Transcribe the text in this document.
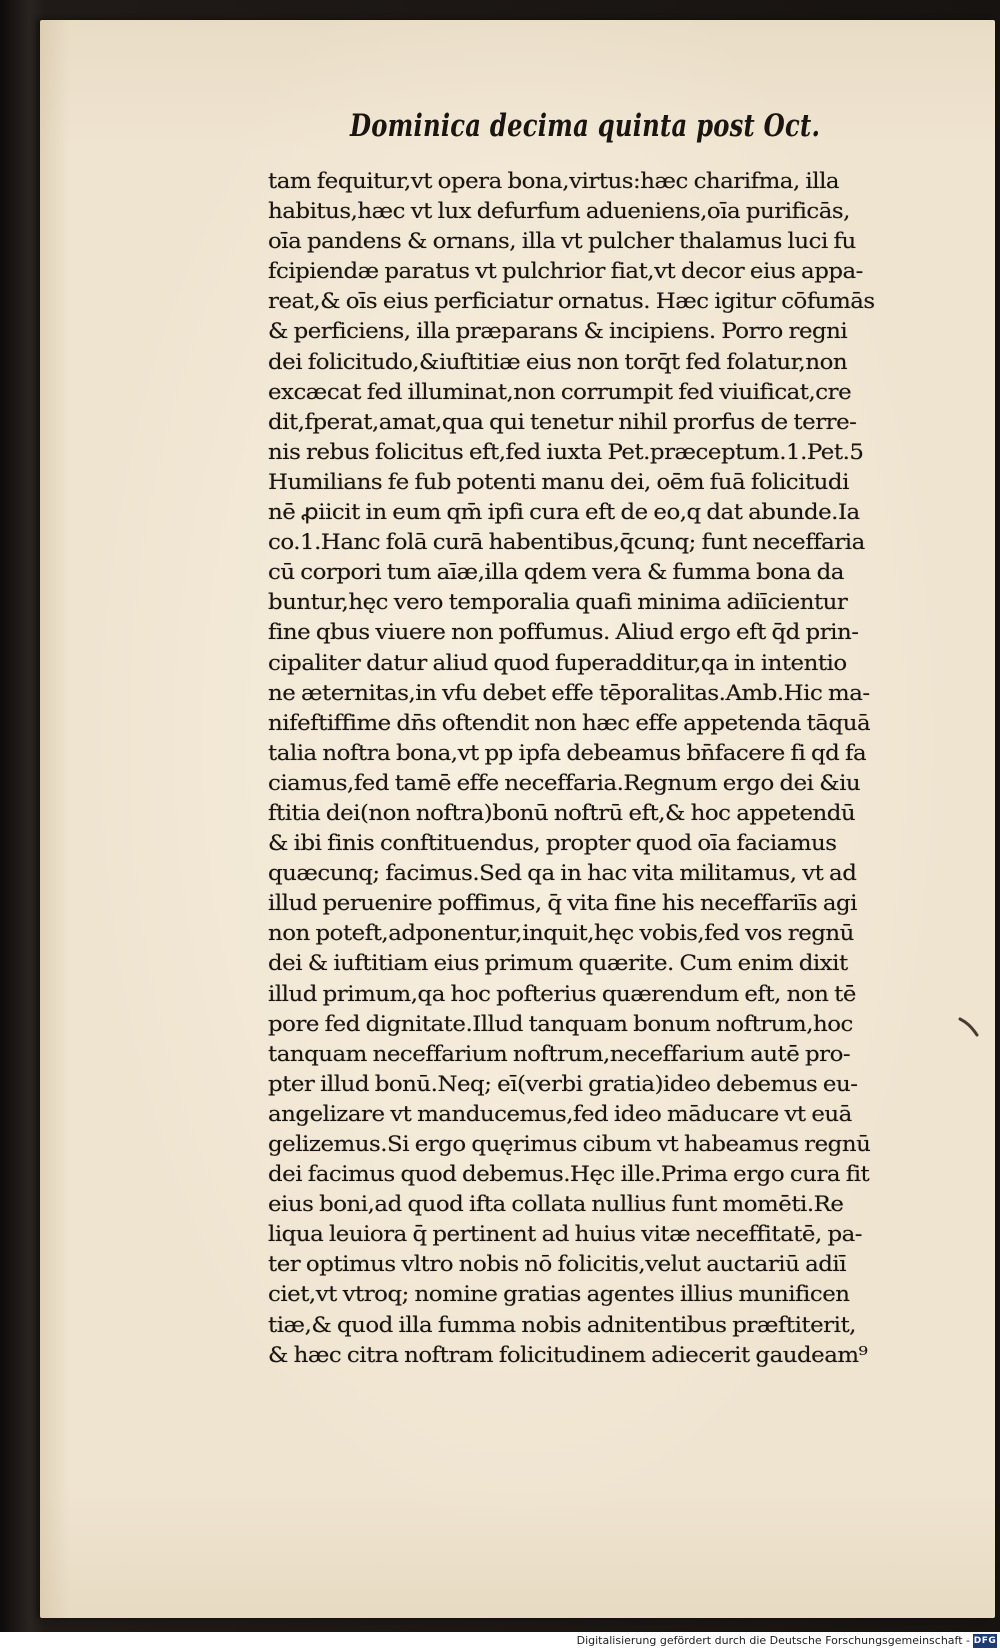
Dominica decima quinta post Oct.
tam fequitur,vt opera bona,virtus:hæc charifma, illa
habitus,hæc vt lux defurfum adueniens,oīa purificās,
oīa pandens & ornans, illa vt pulcher thalamus luci fu
fcipiendæ paratus vt pulchrior fiat,vt decor eius appa-
reat,& oīs eius perficiatur ornatus. Hæc igitur cōfumās
& perficiens, illa præparans & incipiens. Porro regni
dei folicitudo,&iuftitiæ eius non torq̄t fed folatur,non
excæcat fed illuminat,non corrumpit fed viuificat,cre
dit,fperat,amat,qua qui tenetur nihil prorfus de terre-
nis rebus folicitus eft,fed iuxta Pet.præceptum.1.Pet.5
Humilians fe fub potenti manu dei, oēm fuā folicitudi
nē ꝓiicit in eum qm̄ ipfi cura eft de eo,q dat abunde.Ia
co.1.Hanc folā curā habentibus,q̄cunq; funt neceffaria
cū corpori tum aīæ,illa qdem vera & fumma bona da
buntur,hęc vero temporalia quafi minima adiīcientur
fine qbus viuere non poffumus. Aliud ergo eft q̄d prin-
cipaliter datur aliud quod fuperadditur,qa in intentio
ne æternitas,in vfu debet effe tēporalitas.Amb.Hic ma-
nifeftiffime dn̄s oftendit non hæc effe appetenda tāquā
talia noftra bona,vt pp ipfa debeamus bn̄facere fi qd fa
ciamus,fed tamē effe neceffaria.Regnum ergo dei &iu
ftitia dei(non noftra)bonū noftrū eft,& hoc appetendū
& ibi finis conftituendus, propter quod oīa faciamus
quæcunq; facimus.Sed qa in hac vita militamus, vt ad
illud peruenire poffimus, q̄ vita fine his neceffariīs agi
non poteft,adponentur,inquit,hęc vobis,fed vos regnū
dei & iuftitiam eius primum quærite. Cum enim dixit
illud primum,qa hoc pofterius quærendum eft, non tē
pore fed dignitate.Illud tanquam bonum noftrum,hoc
tanquam neceffarium noftrum,neceffarium autē pro-
pter illud bonū.Neq; eī(verbi gratia)ideo debemus eu-
angelizare vt manducemus,fed ideo māducare vt euā
gelizemus.Si ergo quęrimus cibum vt habeamus regnū
dei facimus quod debemus.Hęc ille.Prima ergo cura fit
eius boni,ad quod ifta collata nullius funt momēti.Re
liqua leuiora q̄ pertinent ad huius vitæ neceffitatē, pa-
ter optimus vltro nobis nō folicitis,velut auctariū adiī
ciet,vt vtroq; nomine gratias agentes illius munificen
tiæ,& quod illa fumma nobis adnitentibus præftiterit,
& hæc citra noftram folicitudinem adiecerit gaudeam⁹
Digitalisierung gefördert durch die Deutsche Forschungsgemeinschaft - DFG
